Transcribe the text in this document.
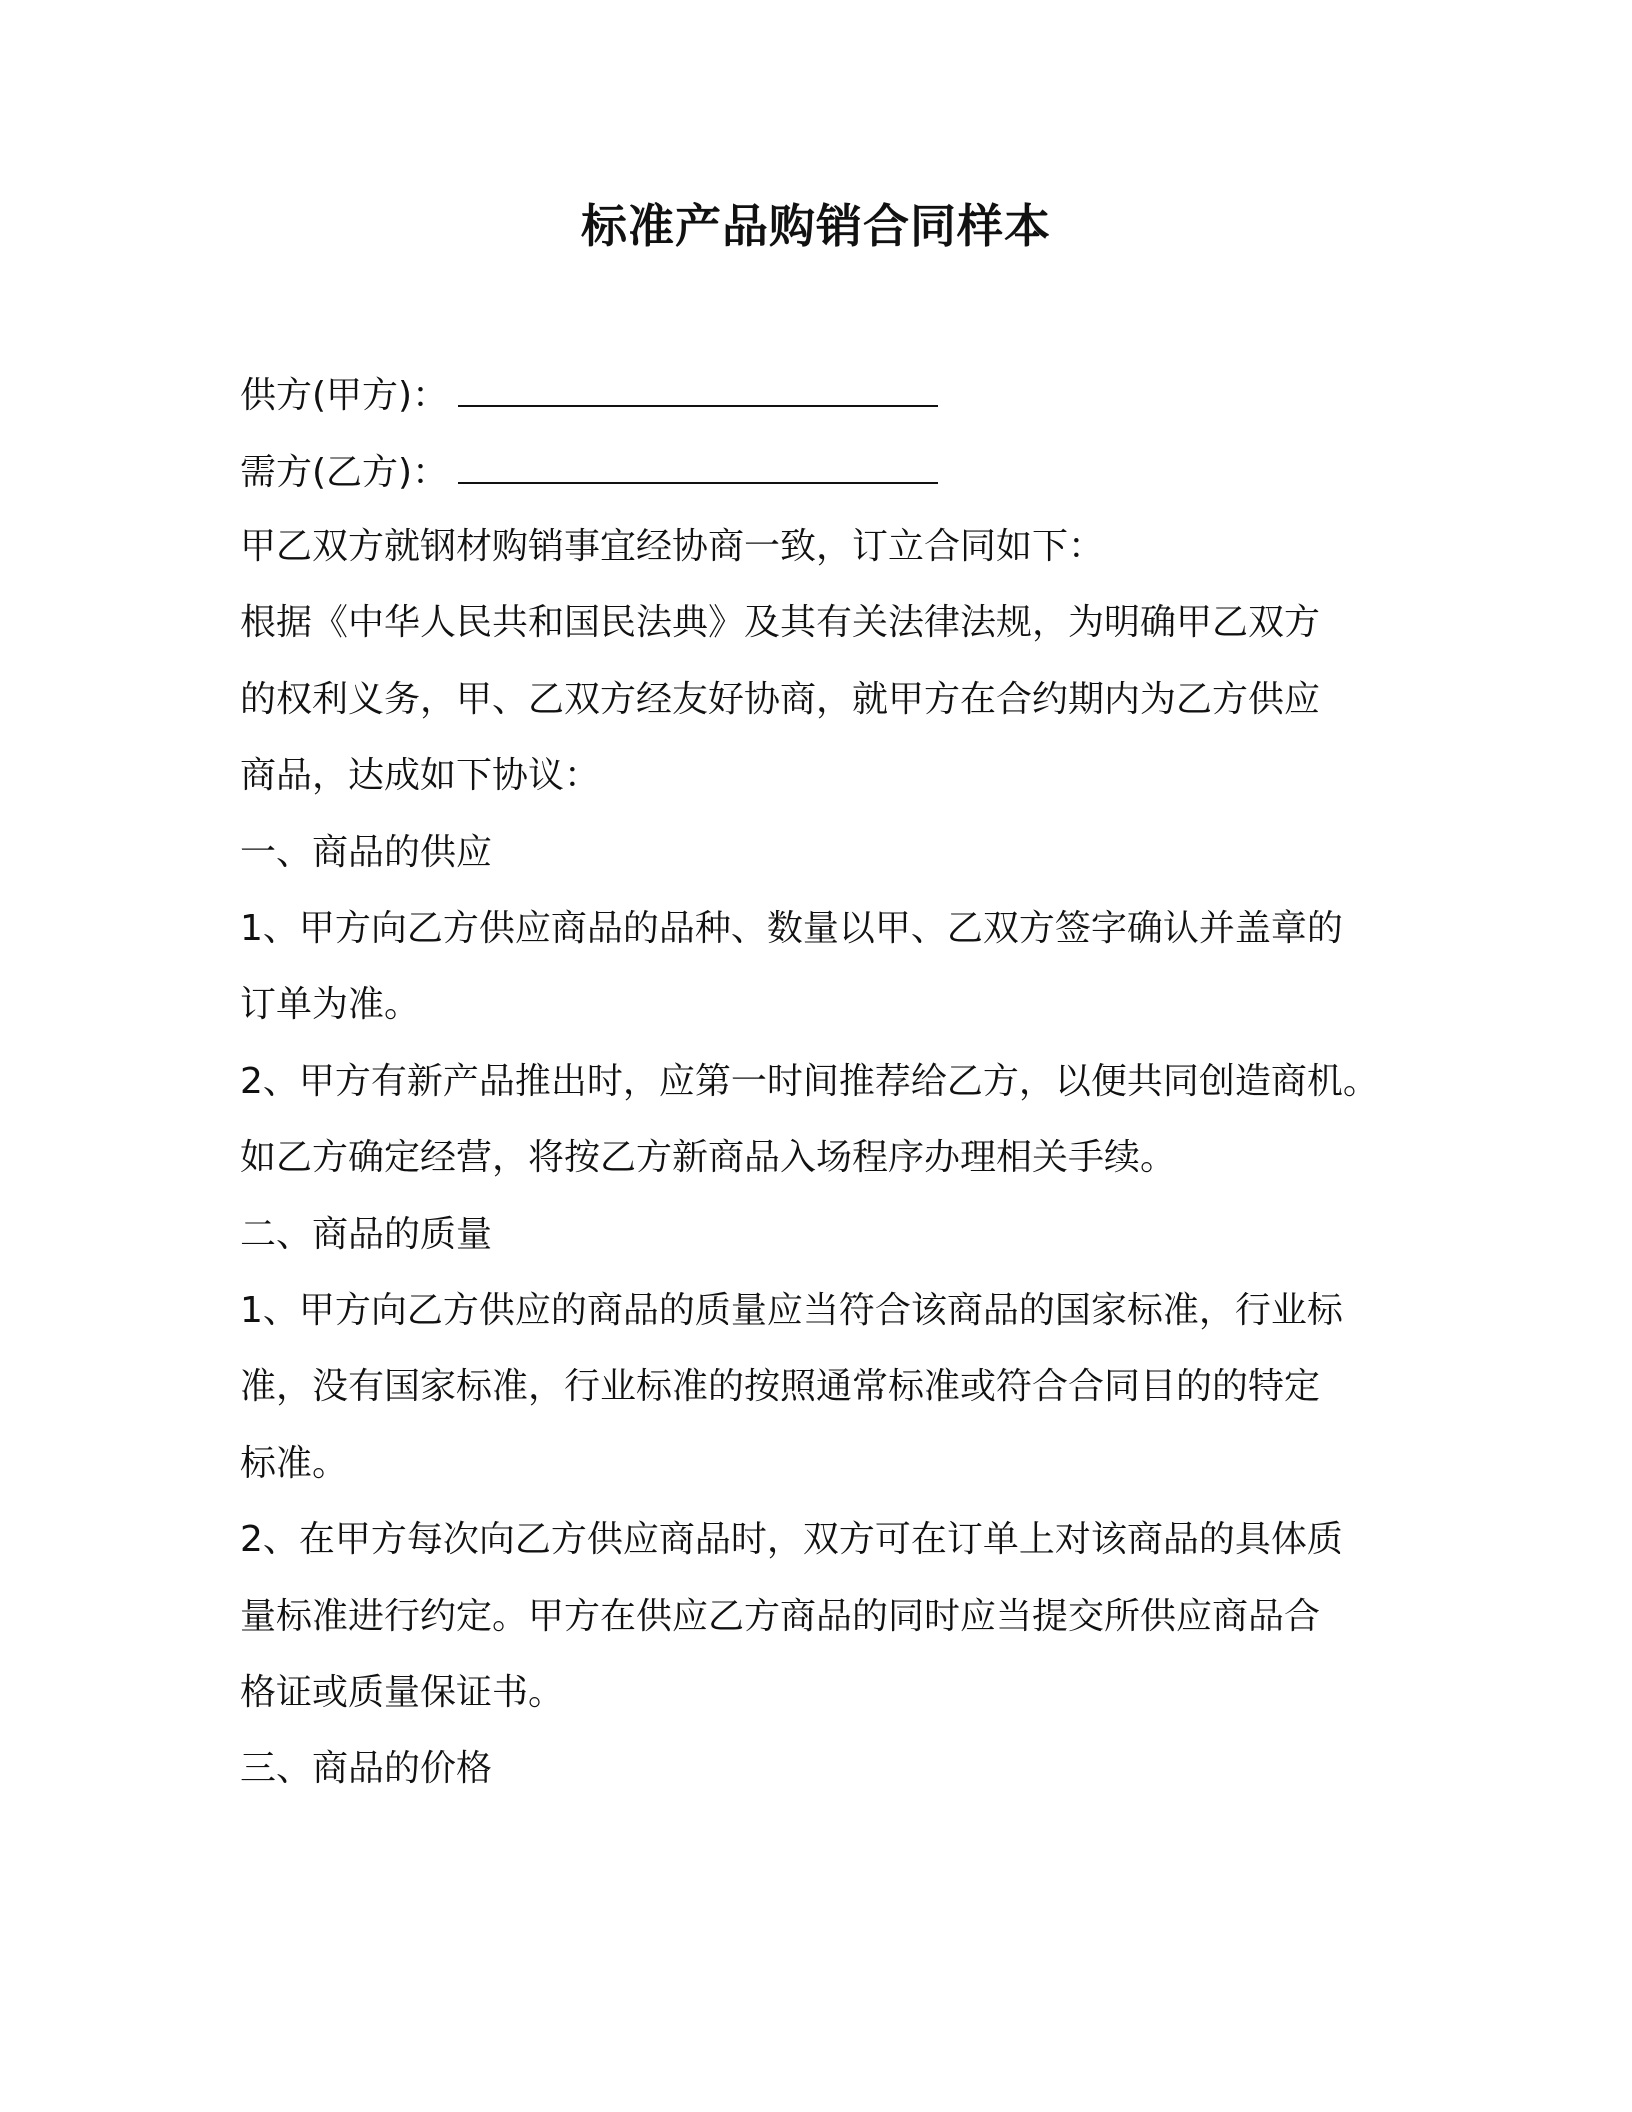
标准产品购销合同样本
供方(甲方)：
需方(乙方)：
甲乙双方就钢材购销事宜经协商一致，订立合同如下：
根据《中华人民共和国民法典》及其有关法律法规，为明确甲乙双方
的权利义务，甲、乙双方经友好协商，就甲方在合约期内为乙方供应
商品，达成如下协议：
一、商品的供应
1、甲方向乙方供应商品的品种、数量以甲、乙双方签字确认并盖章的
订单为准。
2、甲方有新产品推出时，应第一时间推荐给乙方，以便共同创造商机。
如乙方确定经营，将按乙方新商品入场程序办理相关手续。
二、商品的质量
1、甲方向乙方供应的商品的质量应当符合该商品的国家标准，行业标
准，没有国家标准，行业标准的按照通常标准或符合合同目的的特定
标准。
2、在甲方每次向乙方供应商品时，双方可在订单上对该商品的具体质
量标准进行约定。甲方在供应乙方商品的同时应当提交所供应商品合
格证或质量保证书。
三、商品的价格
